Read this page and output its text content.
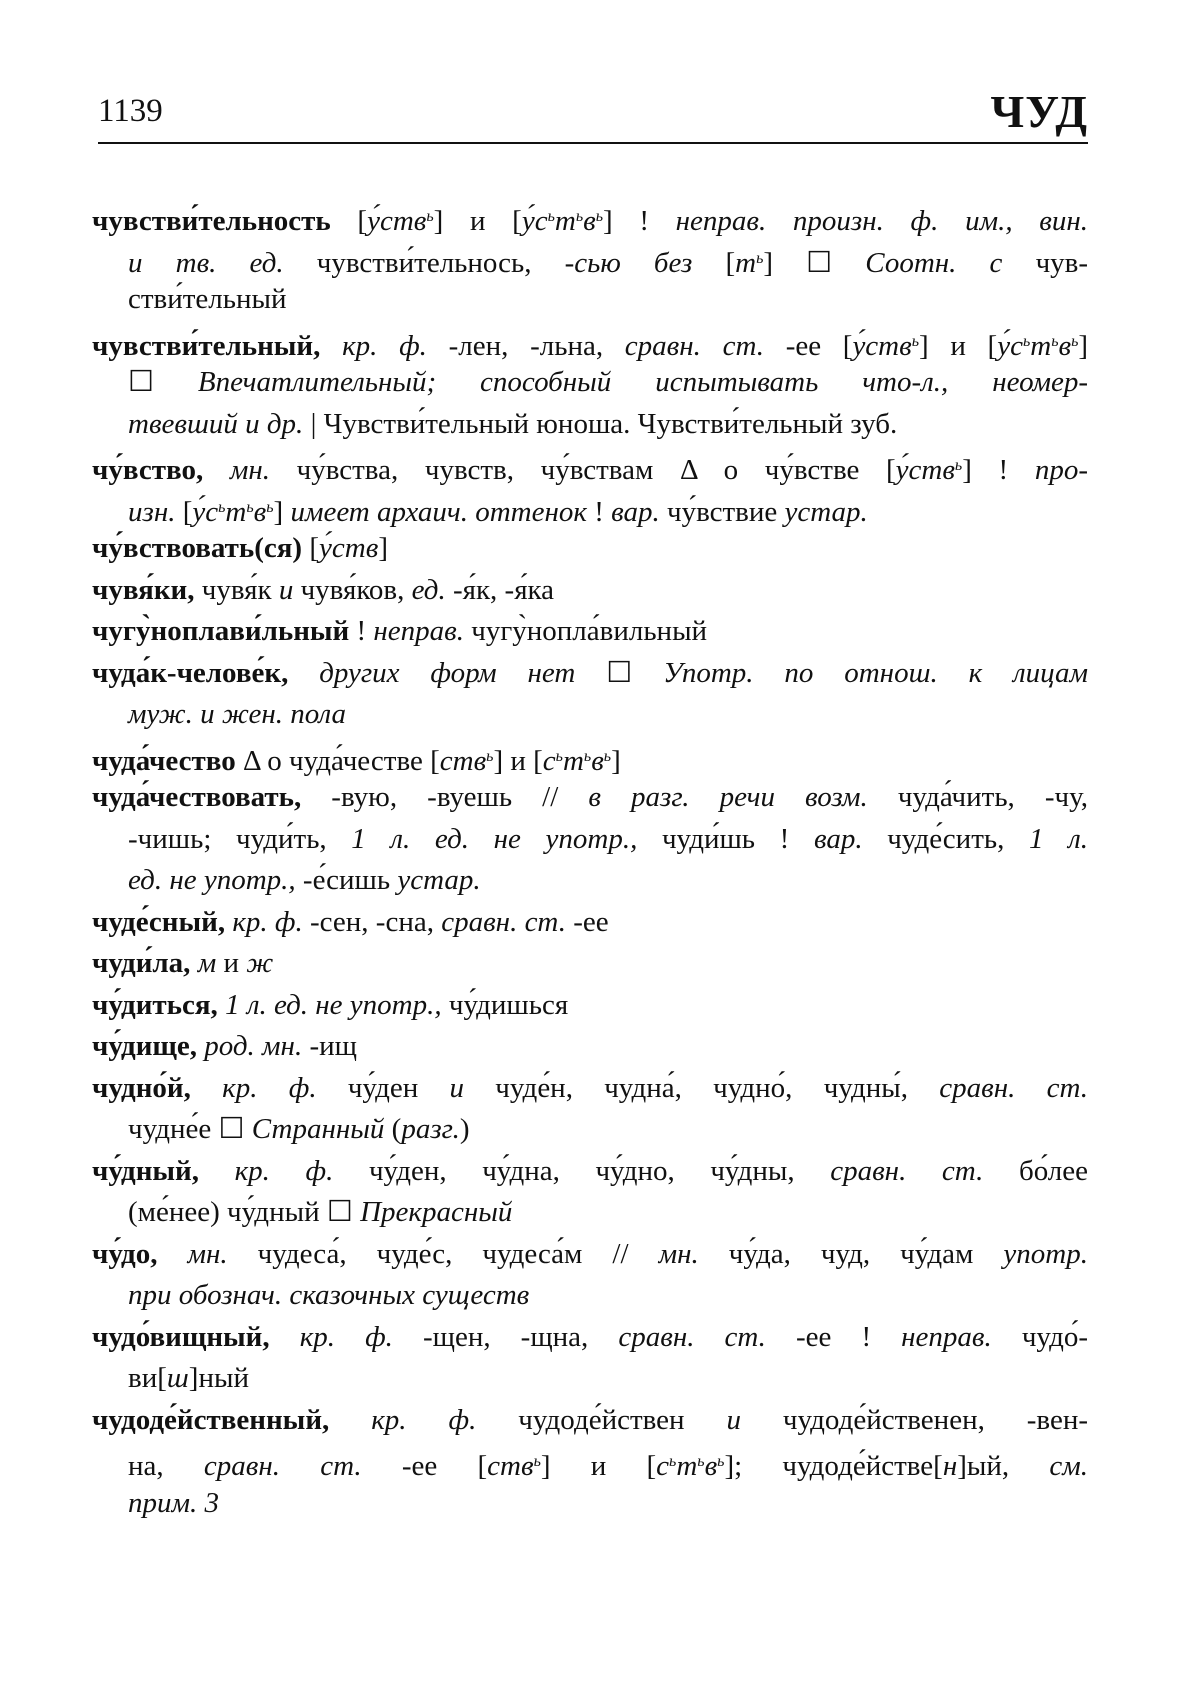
1139	ЧУД
чувстви́тельность [у́ств$^ь$] и $[у́с^ьт^ьв^ь]$ ! неправ. произн. ф. им., вин.
и тв. ед. чувстви́тельнось, -сью без $[т^ь]$ ☐ Соотн. с чув-
стви́тельный
чувстви́тельный, кр. ф. -лен, -льна, сравн. ст. -ее [у́ств$^ь$] и $[у́с^ьт^ьв^ь]$
☐ Впечатлительный; способный испытывать что-л., неомер-
твевший и др. | Чувстви́тельный юноша. Чувстви́тельный зуб.
чу́вство, мн. чу́вства, чувств, чу́вствам Δ о чу́встве [у́ств$^ь$] ! про-
изн. $[у́с^ьт^ьв^ь]$ имеет архаич. оттенок ! вар. чу́вствие устар.
чу́вствовать(ся) [у́ств]
чувя́ки, чувя́к и чувя́ков, ед. -я́к, -я́ка
чугу̀ноплави́льный ! неправ. чугу̀нопла́вильный
чуда́к-челове́к, других форм нет ☐ Употр. по отнош. к лицам
муж. и жен. пола
чуда́чество Δ о чуда́честве [ств$^ь$] и $[с^ьт^ьв^ь]$
чуда́чествовать, -вую, -вуешь // в разг. речи возм. чуда́чить, -чу,
-чишь; чуди́ть, 1 л. ед. не употр., чуди́шь ! вар. чуде́сить, 1 л.
ед. не употр., -е́сишь устар.
чуде́сный, кр. ф. -сен, -сна, сравн. ст. -ее
чуди́ла, м и ж
чу́диться, 1 л. ед. не употр., чу́дишься
чу́дище, род. мн. -ищ
чудно́й, кр. ф. чу́ден и чуде́н, чудна́, чудно́, чудны́, сравн. ст.
чудне́е ☐ Странный (разг.)
чу́дный, кр. ф. чу́ден, чу́дна, чу́дно, чу́дны, сравн. ст. бо́лее
(ме́нее) чу́дный ☐ Прекрасный
чу́до, мн. чудеса́, чуде́с, чудеса́м // мн. чу́да, чуд, чу́дам употр.
при обознач. сказочных существ
чудо́вищный, кр. ф. -щен, -щна, сравн. ст. -ее ! неправ. чудо́-
ви[ш]ный
чудоде́йственный, кр. ф. чудоде́йствен и чудоде́йственен, -вен-
на, сравн. ст. -ее [ств$^ь$] и $[с^ьт^ьв^ь]$; чудоде́йстве[н]ый, см.
прим. 3
